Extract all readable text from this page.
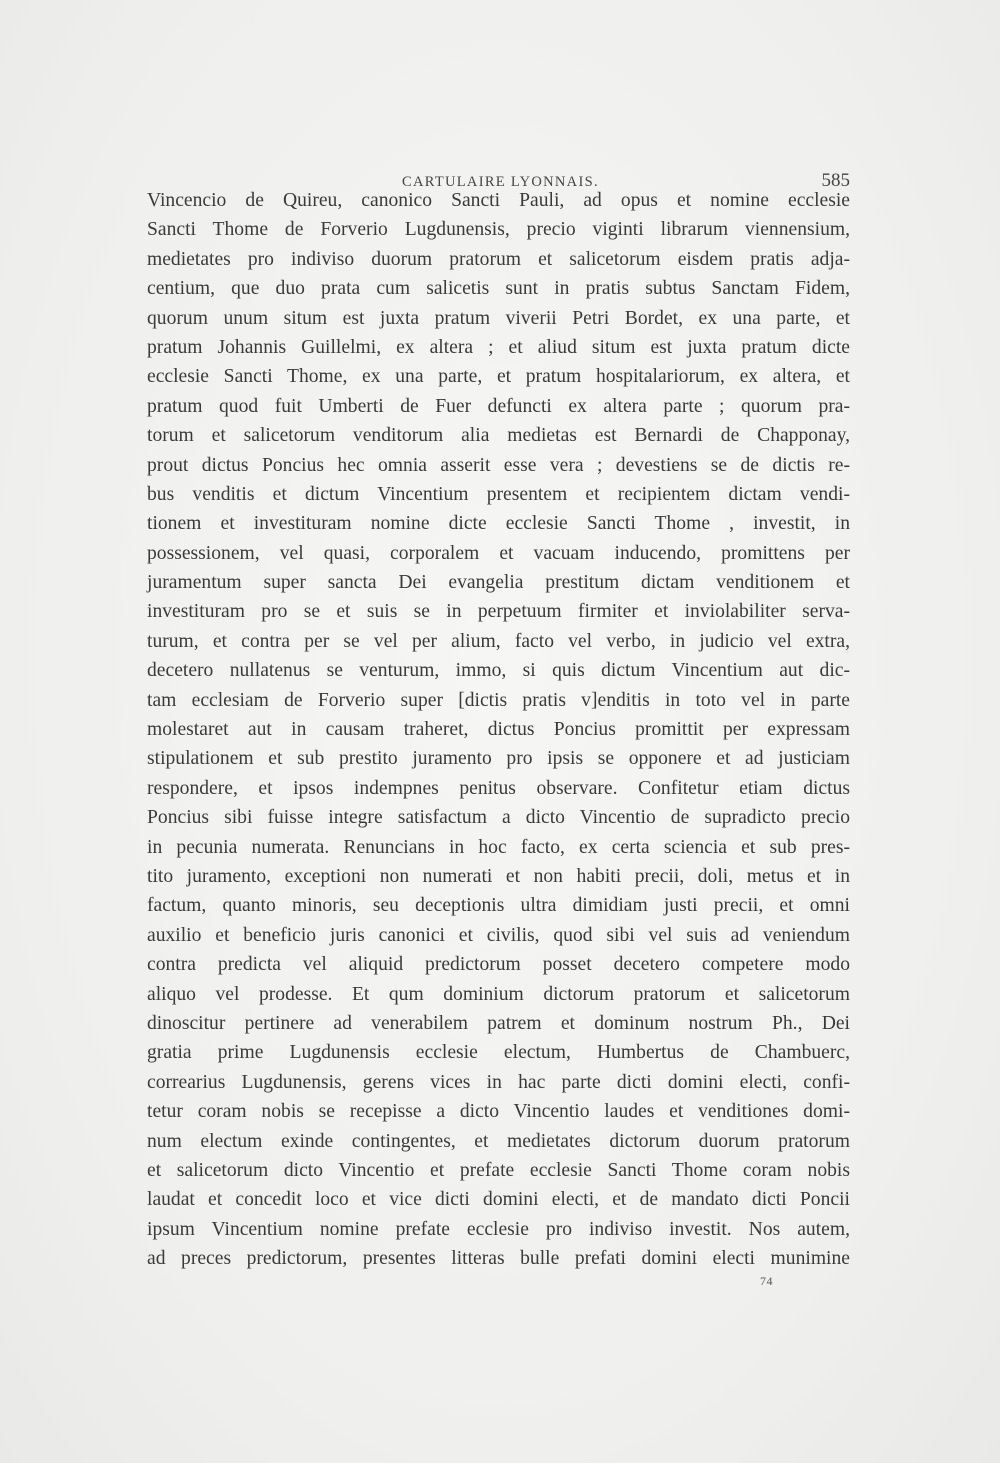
CARTULAIRE LYONNAIS.	585
Vincencio de Quireu, canonico Sancti Pauli, ad opus et nomine ecclesie
Sancti Thome de Forverio Lugdunensis, precio viginti librarum viennensium,
medietates pro indiviso duorum pratorum et salicetorum eisdem pratis adja-
centium, que duo prata cum salicetis sunt in pratis subtus Sanctam Fidem,
quorum unum situm est juxta pratum viverii Petri Bordet, ex una parte, et
pratum Johannis Guillelmi, ex altera ; et aliud situm est juxta pratum dicte
ecclesie Sancti Thome, ex una parte, et pratum hospitalariorum, ex altera, et
pratum quod fuit Umberti de Fuer defuncti ex altera parte ; quorum pra-
torum et salicetorum venditorum alia medietas est Bernardi de Chapponay,
prout dictus Poncius hec omnia asserit esse vera ; devestiens se de dictis re-
bus venditis et dictum Vincentium presentem et recipientem dictam vendi-
tionem et investituram nomine dicte ecclesie Sancti Thome , investit, in
possessionem, vel quasi, corporalem et vacuam inducendo, promittens per
juramentum super sancta Dei evangelia prestitum dictam venditionem et
investituram pro se et suis se in perpetuum firmiter et inviolabiliter serva-
turum, et contra per se vel per alium, facto vel verbo, in judicio vel extra,
decetero nullatenus se venturum, immo, si quis dictum Vincentium aut dic-
tam ecclesiam de Forverio super [dictis pratis v]enditis in toto vel in parte
molestaret aut in causam traheret, dictus Poncius promittit per expressam
stipulationem et sub prestito juramento pro ipsis se opponere et ad justiciam
respondere, et ipsos indempnes penitus observare. Confitetur etiam dictus
Poncius sibi fuisse integre satisfactum a dicto Vincentio de supradicto precio
in pecunia numerata. Renuncians in hoc facto, ex certa sciencia et sub pres-
tito juramento, exceptioni non numerati et non habiti precii, doli, metus et in
factum, quanto minoris, seu deceptionis ultra dimidiam justi precii, et omni
auxilio et beneficio juris canonici et civilis, quod sibi vel suis ad veniendum
contra predicta vel aliquid predictorum posset decetero competere modo
aliquo vel prodesse. Et qum dominium dictorum pratorum et salicetorum
dinoscitur pertinere ad venerabilem patrem et dominum nostrum Ph., Dei
gratia prime Lugdunensis ecclesie electum, Humbertus de Chambuerc,
correarius Lugdunensis, gerens vices in hac parte dicti domini electi, confi-
tetur coram nobis se recepisse a dicto Vincentio laudes et venditiones domi-
num electum exinde contingentes, et medietates dictorum duorum pratorum
et salicetorum dicto Vincentio et prefate ecclesie Sancti Thome coram nobis
laudat et concedit loco et vice dicti domini electi, et de mandato dicti Poncii
ipsum Vincentium nomine prefate ecclesie pro indiviso investit. Nos autem,
ad preces predictorum, presentes litteras bulle prefati domini electi munimine
74
